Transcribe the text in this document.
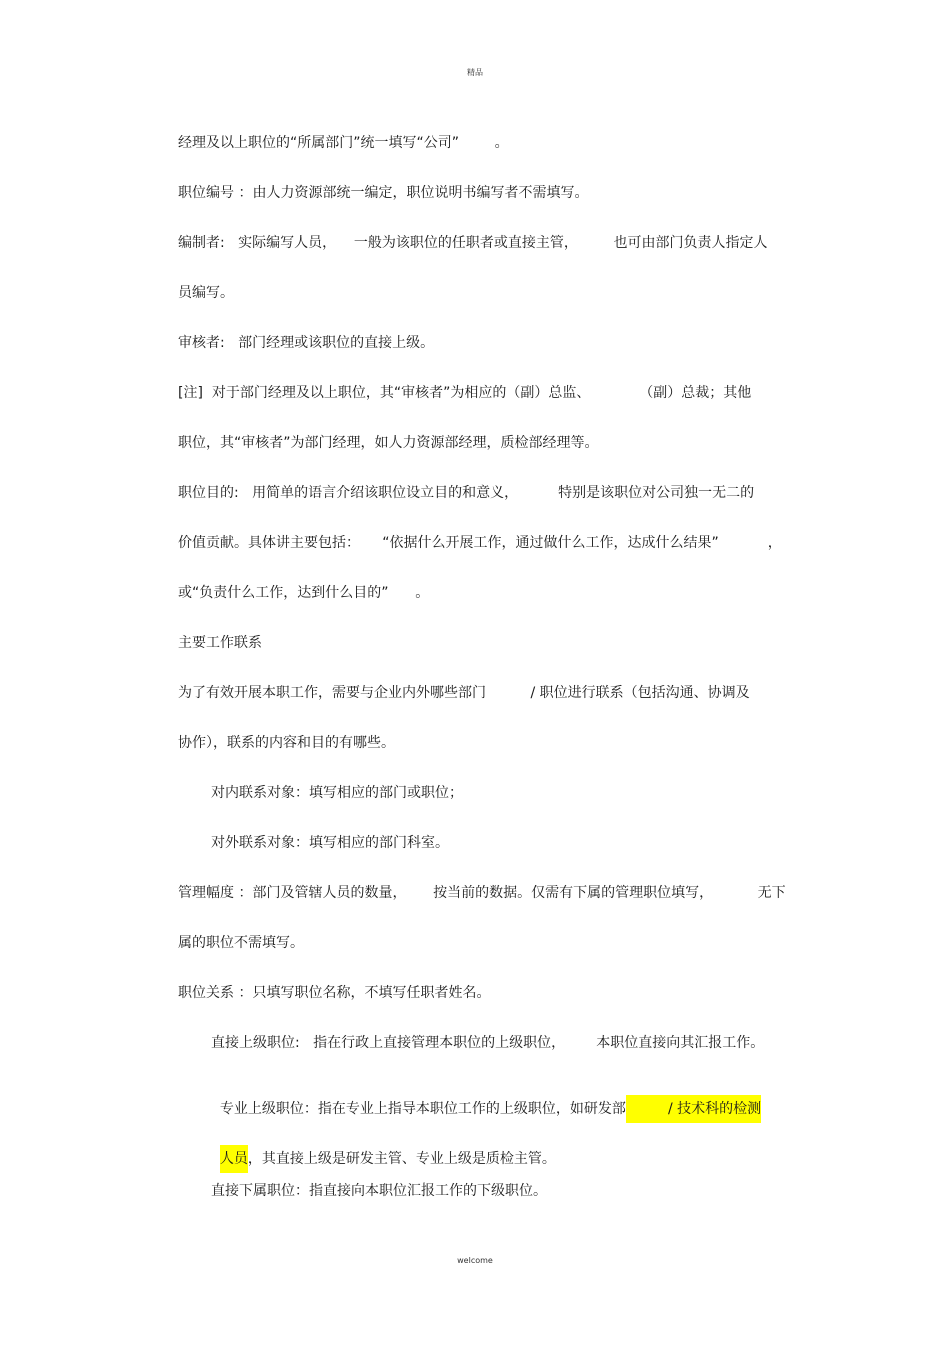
精品
经理及以上职位的“所属部门”统一填写“公司”        。
职位编号 ：由人力资源部统一编定，职位说明书编写者不需填写。
编制者:   实际编写人员，    一般为该职位的任职者或直接主管，        也可由部门负责人指定人
员编写。
审核者:   部门经理或该职位的直接上级。
[注]  对于部门经理及以上职位，其“审核者”为相应的（副）总监、           （副）总裁；其他
职位，其“审核者”为部门经理，如人力资源部经理，质检部经理等。
职位目的:   用简单的语言介绍该职位设立目的和意义，         特别是该职位对公司独一无二的
价值贡献。具体讲主要包括：     “依据什么开展工作，通过做什么工作，达成什么结果”           ，
或“负责什么工作，达到什么目的”      。
主要工作联系
为了有效开展本职工作，需要与企业内外哪些部门          / 职位进行联系（包括沟通、协调及
协作），联系的内容和目的有哪些。
对内联系对象：填写相应的部门或职位；
对外联系对象：填写相应的部门科室。
管理幅度 ：部门及管辖人员的数量，      按当前的数据。仅需有下属的管理职位填写，          无下
属的职位不需填写。
职位关系 ：只填写职位名称，不填写任职者姓名。
直接上级职位:   指在行政上直接管理本职位的上级职位，       本职位直接向其汇报工作。

专业上级职位：指在专业上指导本职位工作的上级职位，如研发部         / 技术科的检测

人员，其直接上级是研发主管、专业上级是质检主管。

直接下属职位：指直接向本职位汇报工作的下级职位。
welcome
